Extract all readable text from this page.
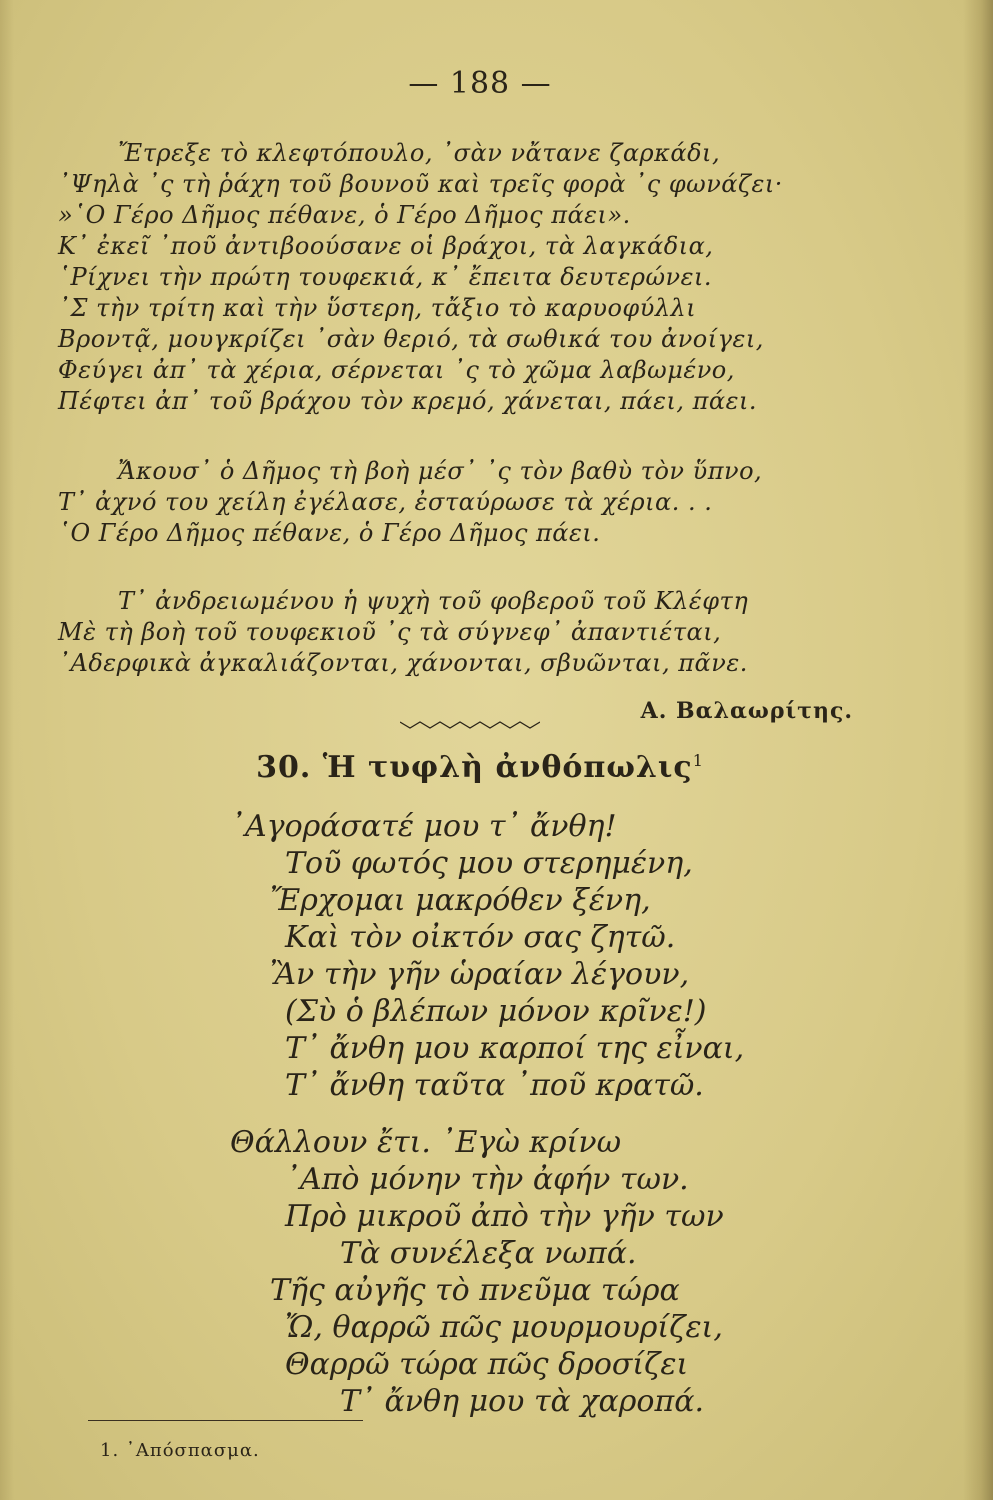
— 188 —
Ἔτρεξε τὸ κλεφτόπουλο, ᾽σὰν νἄτανε ζαρκάδι,
᾽Ψηλὰ ᾽ς τὴ ῥάχη τοῦ βουνοῦ καὶ τρεῖς φορὰ ᾽ς φωνάζει·
»῾Ο Γέρο Δῆμος πέθανε, ὁ Γέρο Δῆμος πάει».
Κ᾽ ἐκεῖ ᾽ποῦ ἀντιβοούσανε οἱ βράχοι, τὰ λαγκάδια,
῾Ρίχνει τὴν πρώτη τουφεκιά, κ᾽ ἔπειτα δευτερώνει.
᾽Σ τὴν τρίτη καὶ τὴν ὕστερη, τἄξιο τὸ καρυοφύλλι
Βροντᾷ, μουγκρίζει ᾽σὰν θεριό, τὰ σωθικά του ἀνοίγει,
Φεύγει ἀπ᾽ τὰ χέρια, σέρνεται ᾽ς τὸ χῶμα λαβωμένο,
Πέφτει ἀπ᾽ τοῦ βράχου τὸν κρεμό, χάνεται, πάει, πάει.
Ἄκουσ᾽ ὁ Δῆμος τὴ βοὴ μέσ᾽ ᾽ς τὸν βαθὺ τὸν ὕπνο,
Τ᾽ ἀχνό του χείλη ἐγέλασε, ἐσταύρωσε τὰ χέρια. . .
῾Ο Γέρο Δῆμος πέθανε, ὁ Γέρο Δῆμος πάει.
Τ᾽ ἀνδρειωμένου ἡ ψυχὴ τοῦ φοβεροῦ τοῦ Κλέφτη
Μὲ τὴ βοὴ τοῦ τουφεκιοῦ ᾽ς τὰ σύγνεφ᾽ ἀπαντιέται,
᾽Αδερφικὰ ἀγκαλιάζονται, χάνονται, σβυῶνται, πᾶνε.
Α. Βαλαωρίτης.
30. Ἡ τυφλὴ ἀνθόπωλις$^1$
᾽Αγοράσατέ μου τ᾽ ἄνθη!
Τοῦ φωτός μου στερημένη,
Ἔρχομαι μακρόθεν ξένη,
Καὶ τὸν οἰκτόν σας ζητῶ.
Ἂν τὴν γῆν ὡραίαν λέγουν,
(Σὺ ὁ βλέπων μόνον κρῖνε!)
Τ᾽ ἄνθη μου καρποί της εἶναι,
Τ᾽ ἄνθη ταῦτα ᾽ποῦ κρατῶ.
Θάλλουν ἔτι. ᾽Εγὼ κρίνω
᾽Απὸ μόνην τὴν ἀφήν των.
Πρὸ μικροῦ ἀπὸ τὴν γῆν των
Τὰ συνέλεξα νωπά.
Τῆς αὐγῆς τὸ πνεῦμα τώρα
Ὤ, θαρρῶ πῶς μουρμουρίζει,
Θαρρῶ τώρα πῶς δροσίζει
Τ᾽ ἄνθη μου τὰ χαροπά.
1. ᾽Απόσπασμα.
